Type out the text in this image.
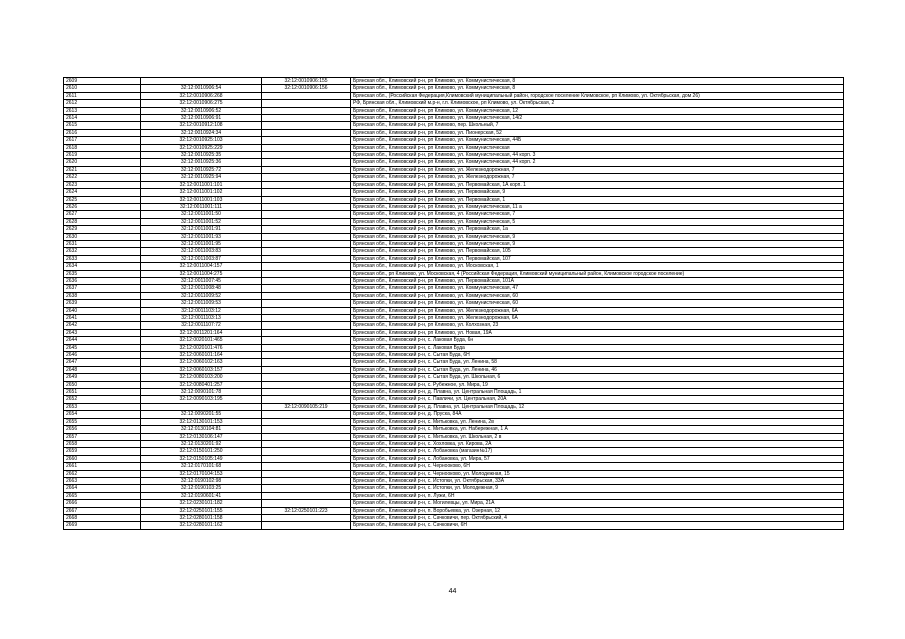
2609		32:12:0010906:155	Брянская обл., Климовский р-н, рп Климово, ул. Коммунистическая, 8
2610	32:12:0010906:54	32:12:0010906:156	Брянская обл., Климовский р-н, рп Климово, ул. Коммунистическая, 8
2611	32:12:0010906:268		Брянская обл., (Российская Федерация,Климовский муниципальный район, городское поселение Климовское, рп Климово, ул. Октябрьская, дом 26)
2612	32:12:0010906:275		РФ, Брянская обл., Климовский м.р-н, г.п. Климовское, рп Климово, ул. Октябрьская, 2
2613	32:12:0010906:52		Брянская обл., Климовский р-н, рп Климово, ул. Коммунистическая, 12
2614	32:12:0010906:91		Брянская обл., Климовский р-н, рп Климово, ул. Коммунистическая, 14/2
2615	32:12:0010912:108		Брянская обл., Климовский р-н, рп Климово, пер. Школьный, 7
2616	32:12:0010924:34		Брянская обл., Климовский р-н, рп Климово, ул. Пионерская, 52
2617	32:12:0010925:103		Брянская обл., Климовский р-н, рп Климово, ул. Коммунистическая, 44Б
2618	32:12:0010925:229		Брянская обл., Климовский р-н, рп Климово, ул. Коммунистическая
2619	32:12:0010925:35		Брянская обл., Климовский р-н, рп Климово, ул. Коммунистическая, 44 корп. 3
2620	32:12:0010925:36		Брянская обл., Климовский р-н, рп Климово, ул. Коммунистическая, 44 корп. 2
2621	32:12:0010925:72		Брянская обл., Климовский р-н, рп Климово, ул. Железнодорожная, 7
2622	32:12:0010925:94		Брянская обл., Климовский р-н, рп Климово, ул. Железнодорожная, 7
2623	32:12:0011001:101		Брянская обл., Климовский р-н, рп Климово, ул. Первомайская, 1А корп. 1
2624	32:12:0011001:102		Брянская обл., Климовский р-н, рп Климово, ул. Первомайская, 9
2625	32:12:0011001:103		Брянская обл., Климовский р-н, рп Климово, ул. Первомайская, 1
2626	32:12:0011001:111		Брянская обл., Климовский р-н, рп Климово, ул. Коммунистическая, 11 а
2627	32:12:0011001:50		Брянская обл., Климовский р-н, рп Климово, ул. Коммунистическая, 7
2628	32:12:0011001:52		Брянская обл., Климовский р-н, рп Климово, ул. Коммунистическая, 5
2629	32:12:0011001:91		Брянская обл., Климовский р-н, рп Климово, ул. Первомайская, 1а
2630	32:12:0011001:93		Брянская обл., Климовский р-н, рп Климово, ул. Коммунистическая, 9
2631	32:12:0011001:95		Брянская обл., Климовский р-н, рп Климово, ул. Коммунистическая, 9
2632	32:12:0011003:83		Брянская обл., Климовский р-н, рп Климово, ул. Первомайская, 105
2633	32:12:0011003:87		Брянская обл., Климовский р-н, рп Климово, ул. Первомайская, 107
2634	32:12:0011004:157		Брянская обл., Климовский р-н, рп Климово, ул. Московская, 1
2635	32:12:0011004:275		Брянская обл., рп Климово, ул. Московская, 4 (Российская Федерация, Климовский муниципальный район, Климовское городское поселение)
2636	32:12:0011007:45		Брянская обл., Климовский р-н, рп Климово, ул. Первомайская, 101А
2637	32:12:0011008:48		Брянская обл., Климовский р-н, рп Климово, ул. Коммунистическая, 47
2638	32:12:0011009:52		Брянская обл., Климовский р-н, рп Климово, ул. Коммунистическая, 60
2639	32:12:0011009:53		Брянская обл., Климовский р-н, рп Климово, ул. Коммунистическая, 60
2640	32:12:0011103:12		Брянская обл., Климовский р-н, рп Климово, ул. Железнодорожная, 6А
2641	32:12:0011103:13		Брянская обл., Климовский р-н, рп Климово, ул. Железнодорожная, 6А
2642	32:12:0011107:72		Брянская обл., Климовский р-н, рп Климово, ул. Колхозная, 23
2643	32:12:0011201:164		Брянская обл., Климовский р-н, рп Климово, ул. Новая, 19А
2644	32:12:0020101:465		Брянская обл., Климовский р-н, с. Лаковая Буда, 6н
2645	32:12:0020101:476		Брянская обл., Климовский р-н, с. Лаковая Буда
2646	32:12:0060101:164		Брянская обл., Климовский р-н, с. Сытая Буда, 6Н
2647	32:12:0060102:163		Брянская обл., Климовский р-н, с. Сытая Буда, ул. Ленина, 58
2648	32:12:0060103:157		Брянская обл., Климовский р-н, с. Сытая Буда, ул. Ленина, 46
2649	32:12:0080103:200		Брянская обл., Климовский р-н, с. Сытая Буда, ул. Школьная, 6
2650	32:12:0080401:257		Брянская обл., Климовский р-н, с. Рубежное, ул. Мира, 19
2651	32:12:0090101:78		Брянская обл., Климовский р-н, д. Плавна, ул. Центральная Площадь, 1
2652	32:12:0090103:195		Брянская обл., Климовский р-н, с. Павличи, ул. Центральная, 20А
2653		32:12:0090105:219	Брянская обл., Климовский р-н, д. Плавна, ул. Центральная Площадь, 12
2654	32:12:0090201:55		Брянская обл., Климовский р-н, д. Пруска, 84А
2655	32:12:0130101:153		Брянская обл., Климовский р-н, с. Митьковка, ул. Ленина, 2в
2656	32:12:0130104:81		Брянская обл., Климовский р-н, с. Митьковка, ул. Набережная, 1 А
2657	32:12:0130106:147		Брянская обл., Климовский р-н, с. Митьковка, ул. Школьная, 2 в
2658	32:12:0130201:92		Брянская обл., Климовский р-н, с. Хохловка, ул. Кирова, 2А
2659	32:12:0150101:250		Брянская обл., Климовский р-н, с. Лобановка (магазин№17)
2660	32:12:0150105:149		Брянская обл., Климовский р-н, с. Лобановка, ул. Мира, 57
2661	32:12:0170101:68		Брянская обл., Климовский р-н, с. Чернооково, 6Н
2662	32:12:0170104:153		Брянская обл., Климовский р-н, с. Чернооково, ул. Молодежная, 15
2663	32:12:0190102:98		Брянская обл., Климовский р-н, с. Истопки, ул. Октябрьская, 33А
2664	32:12:0190103:25		Брянская обл., Климовский р-н, с. Истопки, ул. Молодежная, 9
2665	32:12:0190601:41		Брянская обл., Климовский р-н, п. Лужи, 6Н
2666	32:12:0230101:182		Брянская обл., Климовский р-н, с. Могилевцы, ул. Мира, 21А
2667	32:12:0250101:155	32:12:0250101:223	Брянская обл., Климовский р-н, п. Воробьевка, ул. Озерная, 12
2668	32:12:0280101:158		Брянская обл., Климовский р-н, с. Сачковичи, пер. Октябрьский, 4
2669	32:12:0280101:162		Брянская обл., Климовский р-н, с. Сачковичи, 6Н
44
